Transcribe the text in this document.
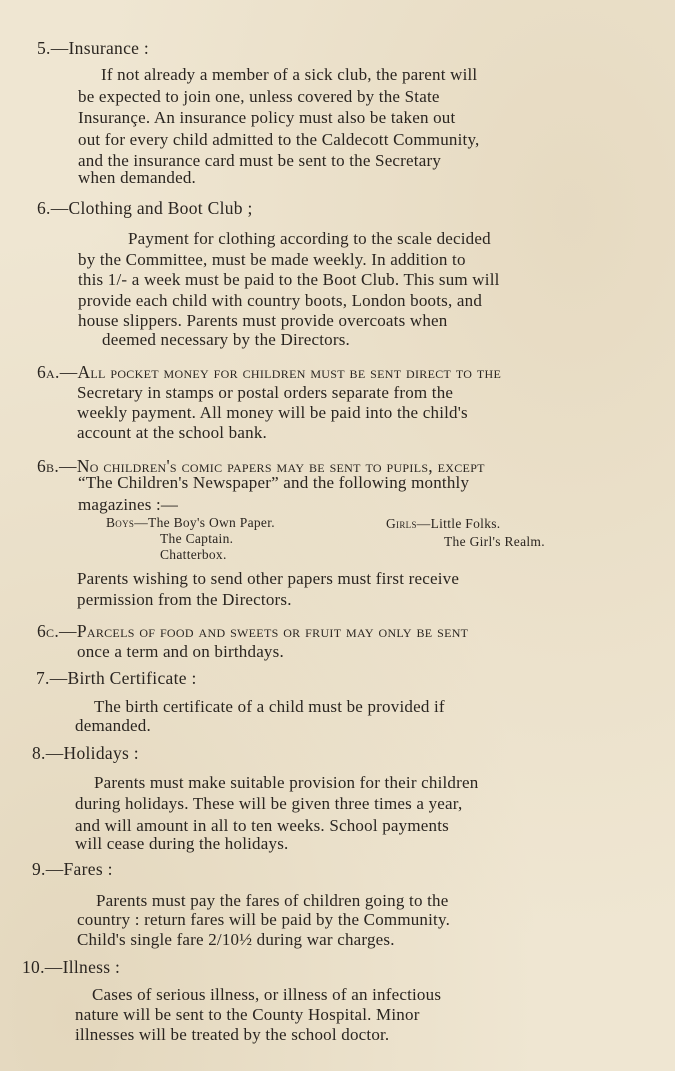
5.—Insurance :
If not already a member of a sick club, the parent will
be expected to join one, unless covered by the State
Insurançe. An insurance policy must also be taken out
out for every child admitted to the Caldecott Community,
and the insurance card must be sent to the Secretary
when demanded.
6.—Clothing and Boot Club ;
Payment for clothing according to the scale decided
by the Committee, must be made weekly. In addition to
this 1/- a week must be paid to the Boot Club. This sum will
provide each child with country boots, London boots, and
house slippers. Parents must provide overcoats when
deemed necessary by the Directors.
6a.—All pocket money for children must be sent direct to the
Secretary in stamps or postal orders separate from the
weekly payment. All money will be paid into the child's
account at the school bank.
6b.—No children's comic papers may be sent to pupils, except
“The Children's Newspaper” and the following monthly
magazines :—
Boys—The Boy's Own Paper.
The Captain.
Chatterbox.
Girls—Little Folks.
The Girl's Realm.
Parents wishing to send other papers must first receive
permission from the Directors.
6c.—Parcels of food and sweets or fruit may only be sent
once a term and on birthdays.
7.—Birth Certificate :
The birth certificate of a child must be provided if
demanded.
8.—Holidays :
Parents must make suitable provision for their children
during holidays. These will be given three times a year,
and will amount in all to ten weeks. School payments
will cease during the holidays.
9.—Fares :
Parents must pay the fares of children going to the
country : return fares will be paid by the Community.
Child's single fare 2/10½ during war charges.
10.—Illness :
Cases of serious illness, or illness of an infectious
nature will be sent to the County Hospital. Minor
illnesses will be treated by the school doctor.
